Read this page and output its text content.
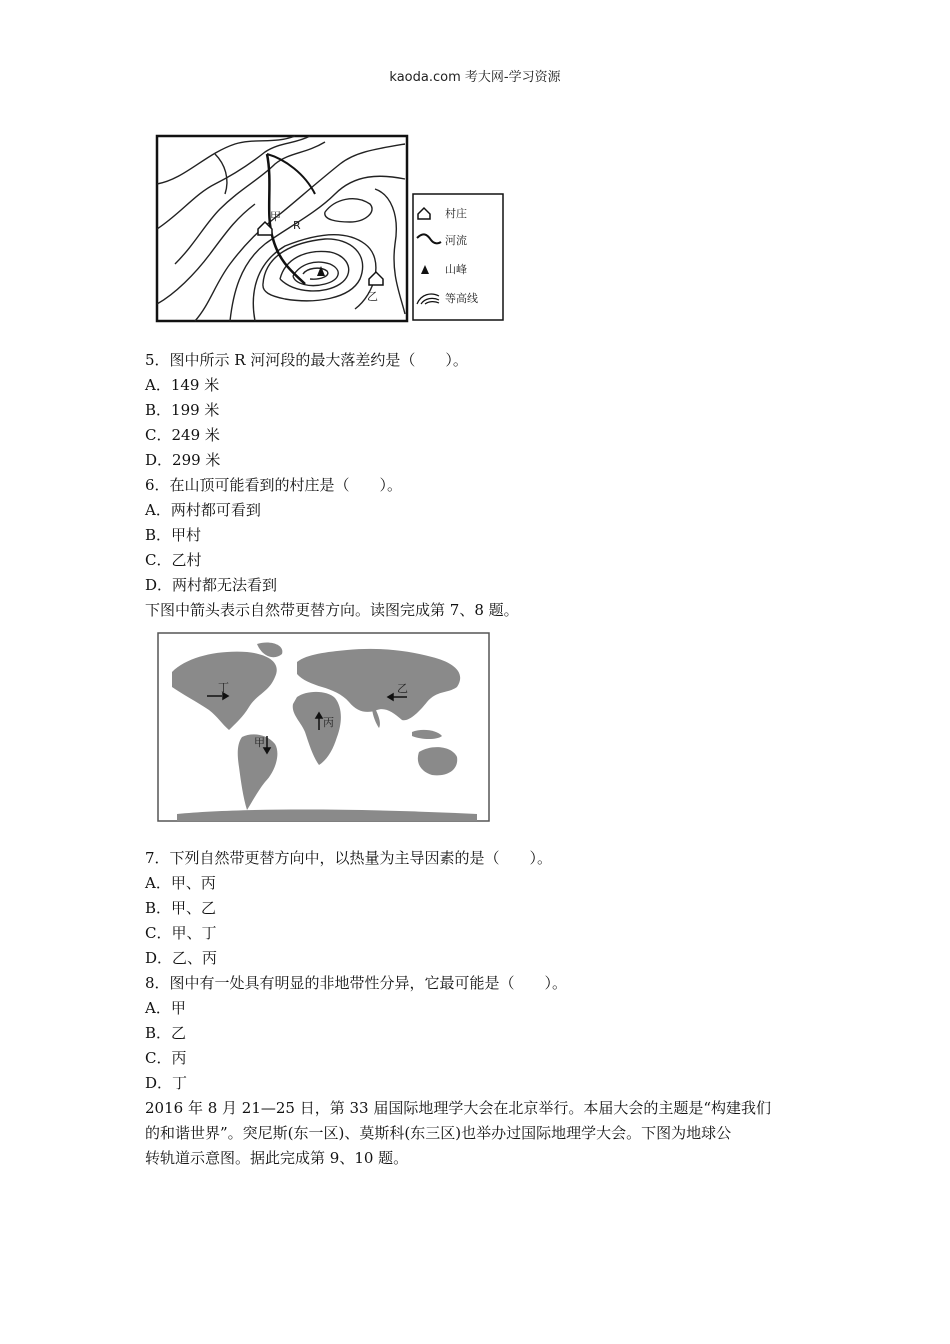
kaoda.com 考大网-学习资源
甲
R
乙
村庄
河流
山峰
等高线
5．图中所示 R 河河段的最大落差约是（　　）。
A．149 米
B．199 米
C．249 米
D．299 米
6．在山顶可能看到的村庄是（　　）。
A．两村都可看到
B．甲村
C．乙村
D．两村都无法看到
下图中箭头表示自然带更替方向。读图完成第 7、8 题。
丁	乙
丙
甲
7．下列自然带更替方向中，以热量为主导因素的是（　　）。
A．甲、丙
B．甲、乙
C．甲、丁
D．乙、丙
8．图中有一处具有明显的非地带性分异，它最可能是（　　）。
A．甲
B．乙
C．丙
D．丁
2016 年 8 月 21—25 日，第 33 届国际地理学大会在北京举行。本届大会的主题是“构建我们
的和谐世界”。突尼斯(东一区)、莫斯科(东三区)也举办过国际地理学大会。下图为地球公
转轨道示意图。据此完成第 9、10 题。
